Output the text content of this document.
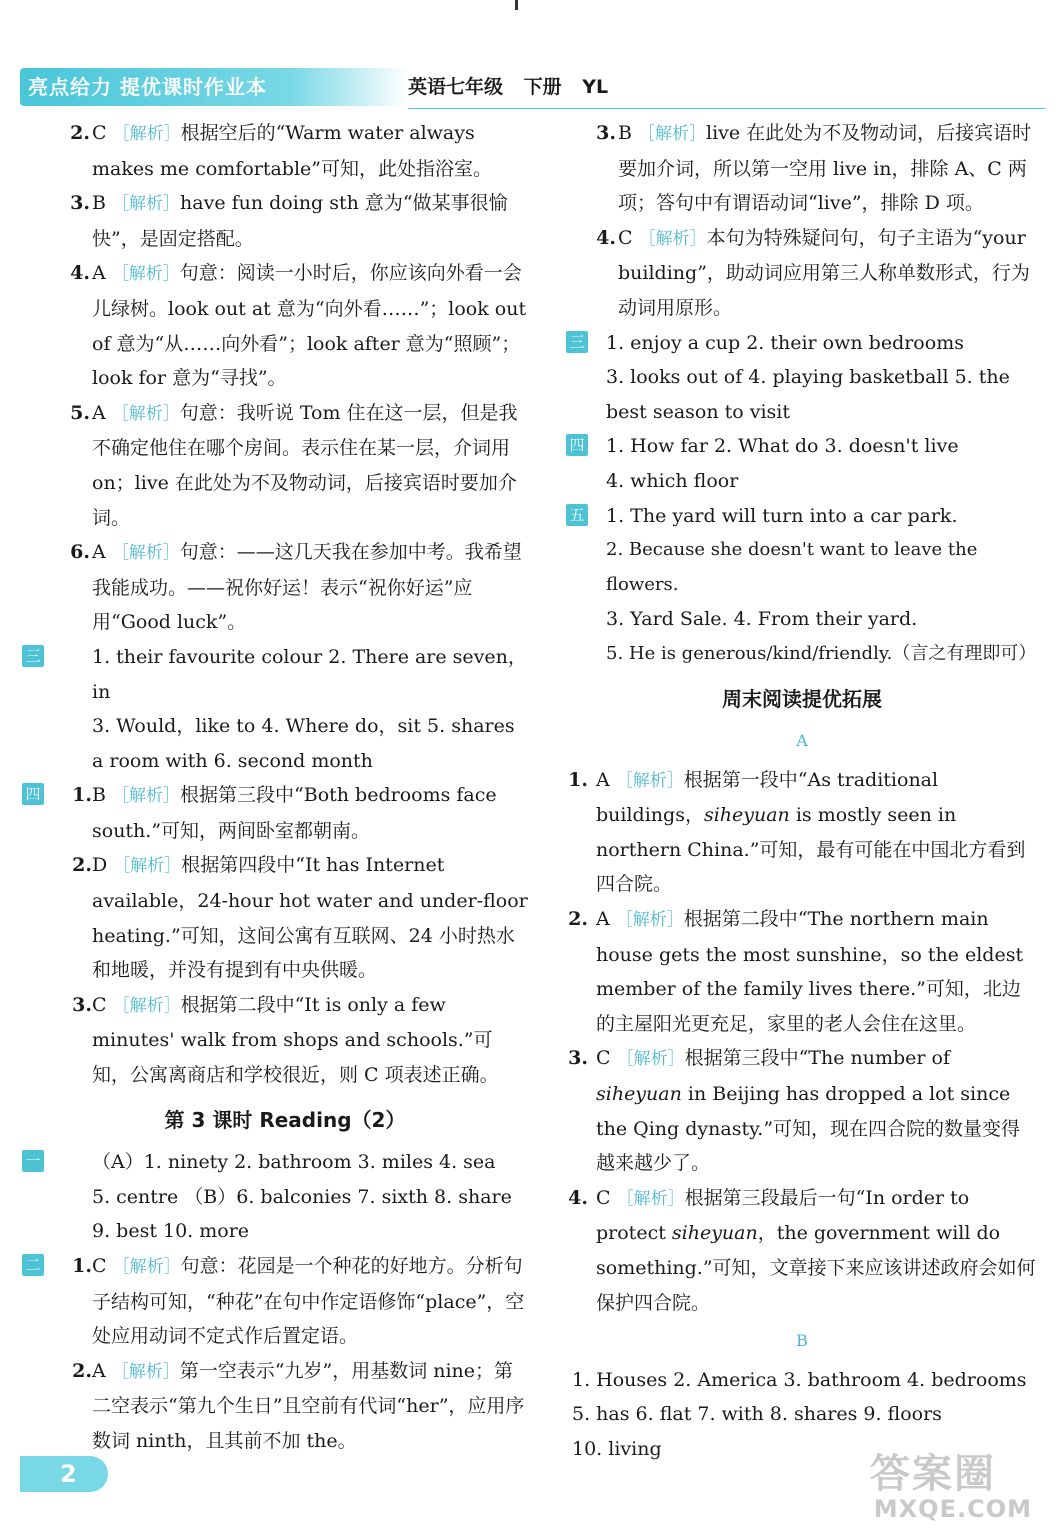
亮点给力 提优课时作业本	英语七年级 下册 YL
2. C ［解析］根据空后的“Warm water always makes me comfortable”可知，此处指浴室。
3. B ［解析］have fun doing sth 意为“做某事很愉快”，是固定搭配。
4. A ［解析］句意：阅读一小时后，你应该向外看一会儿绿树。look out at 意为“向外看……”；look out of 意为“从……向外看”；look after 意为“照顾”；look for 意为“寻找”。
5. A ［解析］句意：我听说 Tom 住在这一层，但是我不确定他住在哪个房间。表示住在某一层，介词用 on；live 在此处为不及物动词，后接宾语时要加介词。
6. A ［解析］句意：——这几天我在参加中考。我希望我能成功。——祝你好运！表示“祝你好运”应用“Good luck”。
三	1. their favourite colour 2. There are seven，in
3. Would，like to 4. Where do，sit 5. shares
a room with 6. second month
四 1. B ［解析］根据第三段中“Both bedrooms face south.”可知，两间卧室都朝南。
2. D ［解析］根据第四段中“It has Internet available，24-hour hot water and under-floor heating.”可知，这间公寓有互联网、24 小时热水和地暖，并没有提到有中央供暖。
3. C ［解析］根据第二段中“It is only a few minutes' walk from shops and schools.”可知，公寓离商店和学校很近，则 C 项表述正确。
第 3 课时 Reading（2）
一	（A）1. ninety 2. bathroom 3. miles 4. sea
5. centre （B）6. balconies 7. sixth 8. share
9. best 10. more
二 1. C ［解析］句意：花园是一个种花的好地方。分析句子结构可知，“种花”在句中作定语修饰“place”，空处应用动词不定式作后置定语。
2. A ［解析］第一空表示“九岁”，用基数词 nine；第二空表示“第九个生日”且空前有代词“her”，应用序数词 ninth，且其前不加 the。
3. B ［解析］live 在此处为不及物动词，后接宾语时要加介词，所以第一空用 live in，排除 A、C 两项；答句中有谓语动词“live”，排除 D 项。
4. C ［解析］本句为特殊疑问句，句子主语为“your building”，助动词应用第三人称单数形式，行为动词用原形。
三 1. enjoy a cup 2. their own bedrooms
3. looks out of 4. playing basketball 5. the
best season to visit
四 1. How far 2. What do 3. doesn't live
4. which floor
五 1. The yard will turn into a car park.
2. Because she doesn't want to leave the flowers.
3. Yard Sale. 4. From their yard.
5. He is generous/kind/friendly.（言之有理即可）
周末阅读提优拓展
A
1. A ［解析］根据第一段中“As traditional buildings，siheyuan is mostly seen in northern China.”可知，最有可能在中国北方看到四合院。
2. A ［解析］根据第二段中“The northern main house gets the most sunshine，so the eldest member of the family lives there.”可知，北边的主屋阳光更充足，家里的老人会住在这里。
3. C ［解析］根据第三段中“The number of siheyuan in Beijing has dropped a lot since the Qing dynasty.”可知，现在四合院的数量变得越来越少了。
4. C ［解析］根据第三段最后一句“In order to protect siheyuan，the government will do something.”可知，文章接下来应该讲述政府会如何保护四合院。
B
1. Houses 2. America 3. bathroom 4. bedrooms
5. has 6. flat 7. with 8. shares 9. floors
10. living
2	答案圈
MXQE.COM
